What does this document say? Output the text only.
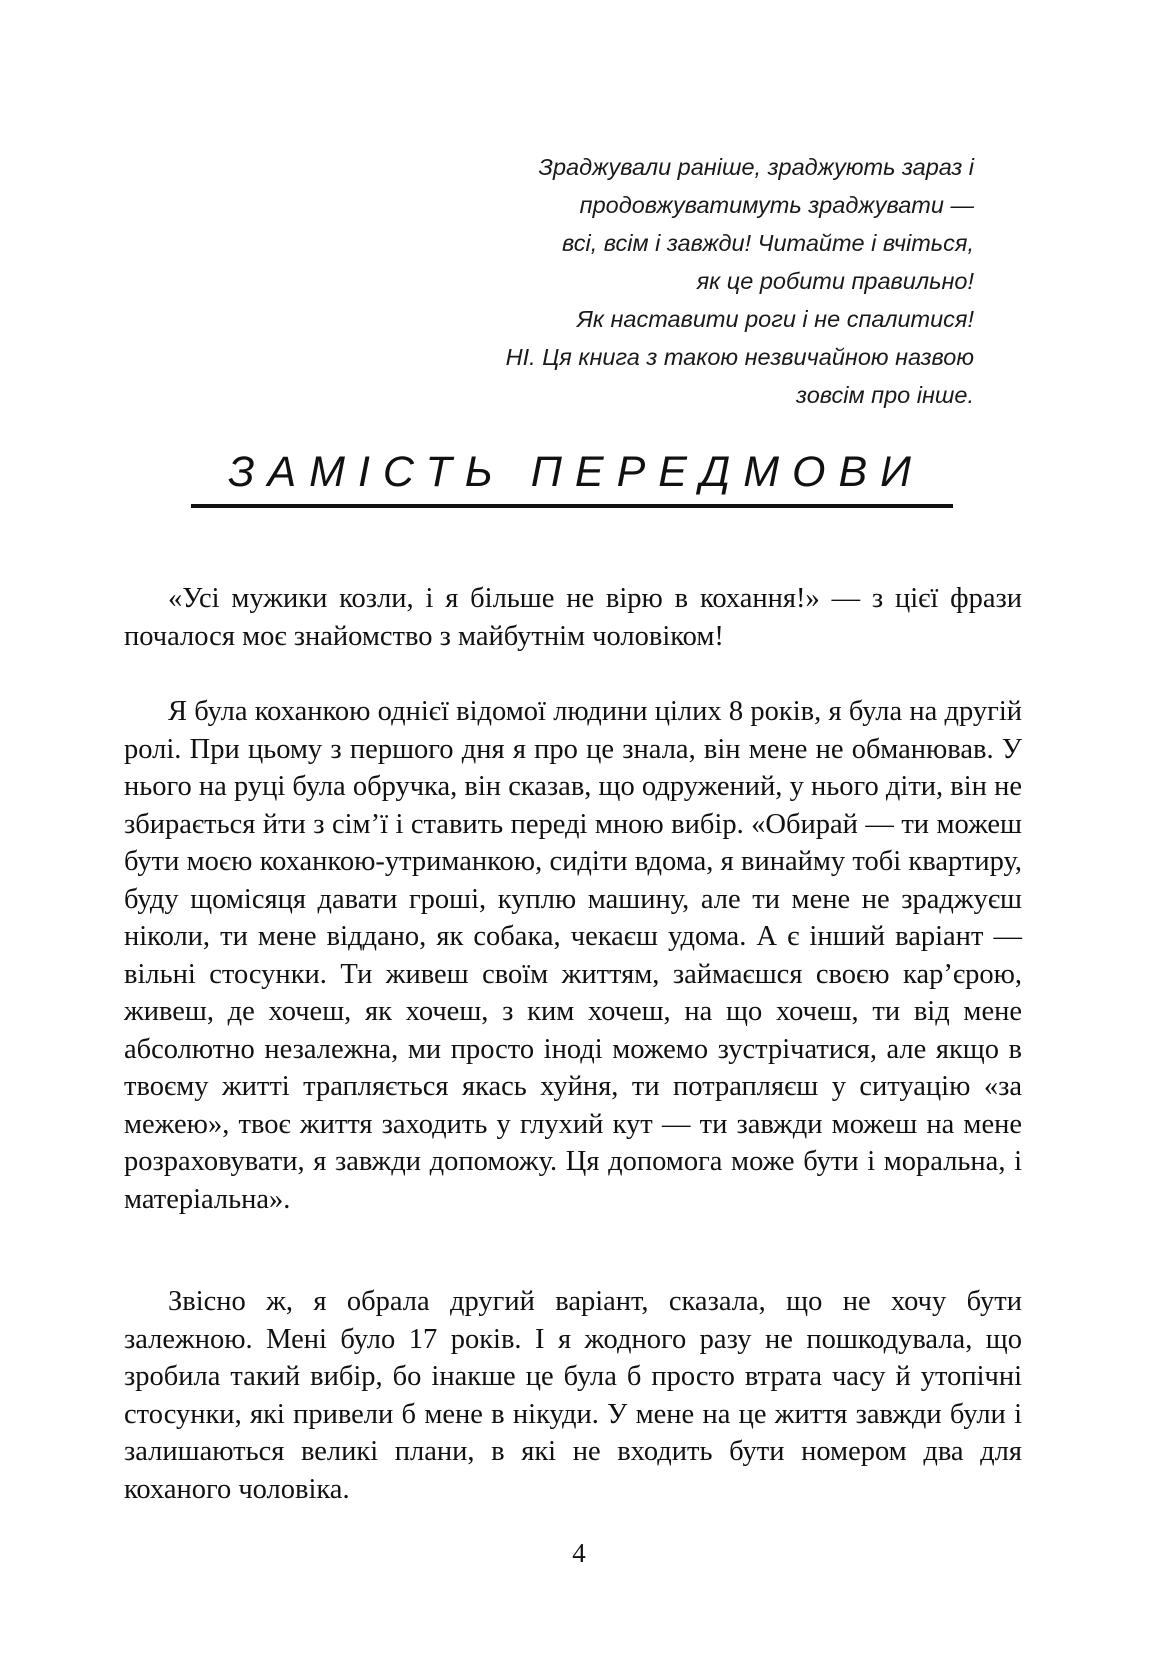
Зраджували раніше, зраджують зараз і
продовжуватимуть зраджувати —
всі, всім і завжди! Читайте і вчіться,
як це робити правильно!
Як наставити роги і не спалитися!
НІ. Ця книга з такою незвичайною назвою
зовсім про інше.
ЗАМІСТЬ ПЕРЕДМОВИ

«Усі мужики козли, і я більше не вірю в кохання!» — з цієї фрази почалося моє знайомство з майбутнім чоловіком!

Я була коханкою однієї відомої людини цілих 8 років, я була на другій ролі. При цьому з першого дня я про це знала, він мене не обманював. У нього на руці була обручка, він сказав, що одружений, у нього діти, він не збирається йти з сім’ї і ставить переді мною вибір. «Обирай — ти можеш бути моєю коханкою-утриманкою, сидіти вдома, я винайму тобі квартиру, буду щомісяця давати гроші, куплю машину, але ти мене не зраджуєш ніколи, ти мене віддано, як собака, чекаєш удома. А є інший варіант — вільні стосунки. Ти живеш своїм життям, займаєшся своєю кар’єрою, живеш, де хочеш, як хочеш, з ким хочеш, на що хочеш, ти від мене абсолютно незалежна, ми просто іноді можемо зустрічатися, але якщо в твоєму житті трапляється якась хуйня, ти потрапляєш у ситуацію «за межею», твоє життя заходить у глухий кут — ти завжди можеш на мене розраховувати, я завжди допоможу. Ця допомога може бути і моральна, і матеріальна».

Звісно ж, я обрала другий варіант, сказала, що не хочу бути залежною. Мені було 17 років. І я жодного разу не пошкодувала, що зробила такий вибір, бо інакше це була б просто втрата часу й утопічні стосунки, які привели б мене в нікуди. У мене на це життя завжди були і залишаються великі плани, в які не входить бути номером два для коханого чоловіка.

4
